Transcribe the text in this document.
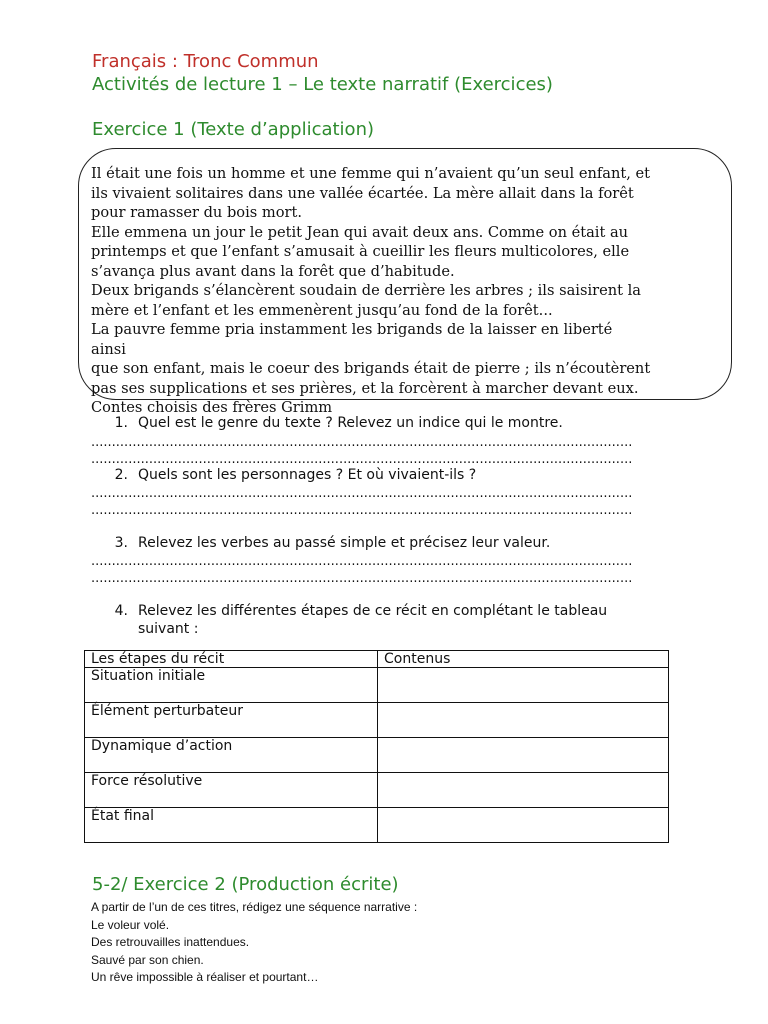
Français : Tronc Commun
Activités de lecture 1 – Le texte narratif (Exercices)
Exercice 1 (Texte d’application)

Il était une fois un homme et une femme qui n’avaient qu’un seul enfant, et

ils vivaient solitaires dans une vallée écartée. La mère allait dans la forêt

pour ramasser du bois mort.

Elle emmena un jour le petit Jean qui avait deux ans. Comme on était au

printemps et que l’enfant s’amusait à cueillir les fleurs multicolores, elle

s’avança plus avant dans la forêt que d’habitude.

Deux brigands s’élancèrent soudain de derrière les arbres ; ils saisirent la

mère et l’enfant et les emmenèrent jusqu’au fond de la forêt...

La pauvre femme pria instamment les brigands de la laisser en liberté ainsi

que son enfant, mais le coeur des brigands était de pierre ; ils n’écoutèrent

pas ses supplications et ses prières, et la forcèrent à marcher devant eux.

Contes choisis des frères Grimm

1. Quel est le genre du texte ? Relevez un indice qui le montre.
...................................................................................................................................
...................................................................................................................................
2. Quels sont les personnages ? Et où vivaient-ils ?
...................................................................................................................................
...................................................................................................................................
3. Relevez les verbes au passé simple et précisez leur valeur.
...................................................................................................................................
...................................................................................................................................
4. Relevez les différentes étapes de ce récit en complétant le tableau
suivant :
Les étapes du récit	Contenus
Situation initiale	
Élément perturbateur	
Dynamique d’action	
Force résolutive	
État final	
5-2/ Exercice 2 (Production écrite)
A partir de l’un de ces titres, rédigez une séquence narrative :
Le voleur volé.
Des retrouvailles inattendues.
Sauvé par son chien.
Un rêve impossible à réaliser et pourtant…
